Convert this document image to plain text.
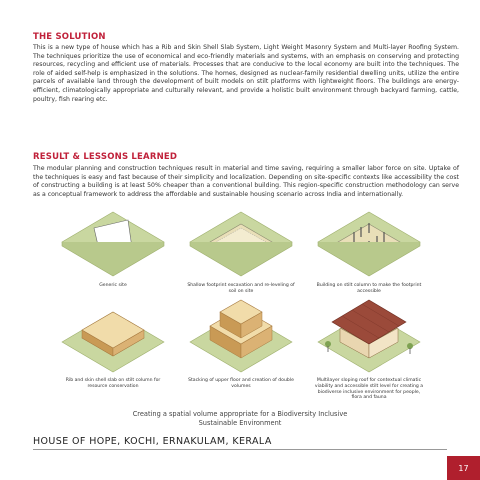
THE SOLUTION
This is a new type of house which has a Rib and Skin Shell Slab System, Light Weight Masonry System and Multi-layer Roofing System. The techniques prioritize the use of economical and eco-friendly materials and systems, with an emphasis on conserving and protecting resources, recycling and efficient use of materials. Processes that are conducive to the local economy are built into the techniques. The role of aided self-help is emphasized in the solutions. The homes, designed as nuclear-family residential dwelling units, utilize the entire parcels of available land through the development of built models on stilt platforms with lightweight floors. The buildings are energy-efficient, climatologically appropriate and culturally relevant, and provide a holistic built environment through backyard farming, cattle, poultry, fish rearing etc.
RESULT & LESSONS LEARNED
The modular planning and construction techniques result in material and time saving, requiring a smaller labor force on site. Uptake of the techniques is easy and fast because of their simplicity and localization. Depending on site-specific contexts like accessibility the cost of constructing a building is at least 50% cheaper than a conventional building. This region-specific construction methodology can serve as a conceptual framework to address the affordable and sustainable housing scenario across India and internationally.
Generic site	Shallow footprint excavation and re-leveling of soil on site
Building on stilt column to make the footprint accessible
Rib and skin shell slab on stilt column for resource conservation
Stacking of upper floor and creation of double volumes
Multilayer sloping roof for contextual climatic viability and accessible stilt level for creating a biodiverse inclusive environment for people, flora and fauna
Creating a spatial volume appropriate for a Biodiversity Inclusive Sustainable Environment
HOUSE OF HOPE, KOCHI, ERNAKULAM, KERALA
17
